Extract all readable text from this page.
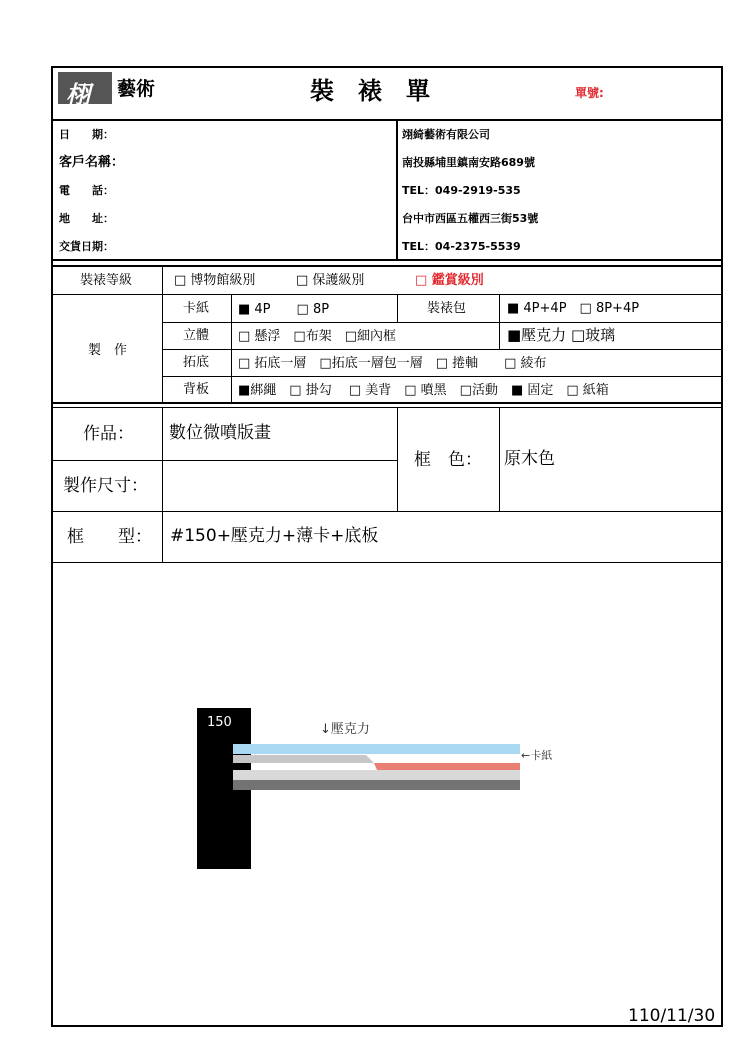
栩 藝術	裝　裱　單	單號:
日　　期：
客戶名稱：
電　　話：
地　　址：
交貨日期：
翊綺藝術有限公司
南投縣埔里鎮南安路689號
TEL：049-2919-535
台中市西區五權西三街53號
TEL：04-2375-5539
裝裱等級	□ 博物館級別	□ 保護級別	□ 鑑賞級別
製　作
卡紙 ■ 4P　　□ 8P	裝裱包	■ 4P+4P　□ 8P+4P
立體 □ 懸浮　□布架　□細內框	■壓克力 □玻璃
拓底 □ 拓底一層　□拓底一層包一層　□ 捲軸　　□ 綾布
背板 ■綁繩　□ 掛勾　 □ 美背　□ 噴黑　□活動　■ 固定　□ 紙箱
作品： 數位微噴版畫
框　色： 原木色
製作尺寸：
框　　型： #150+壓克力+薄卡+底板
150	↓壓克力
←卡紙
110/11/30
